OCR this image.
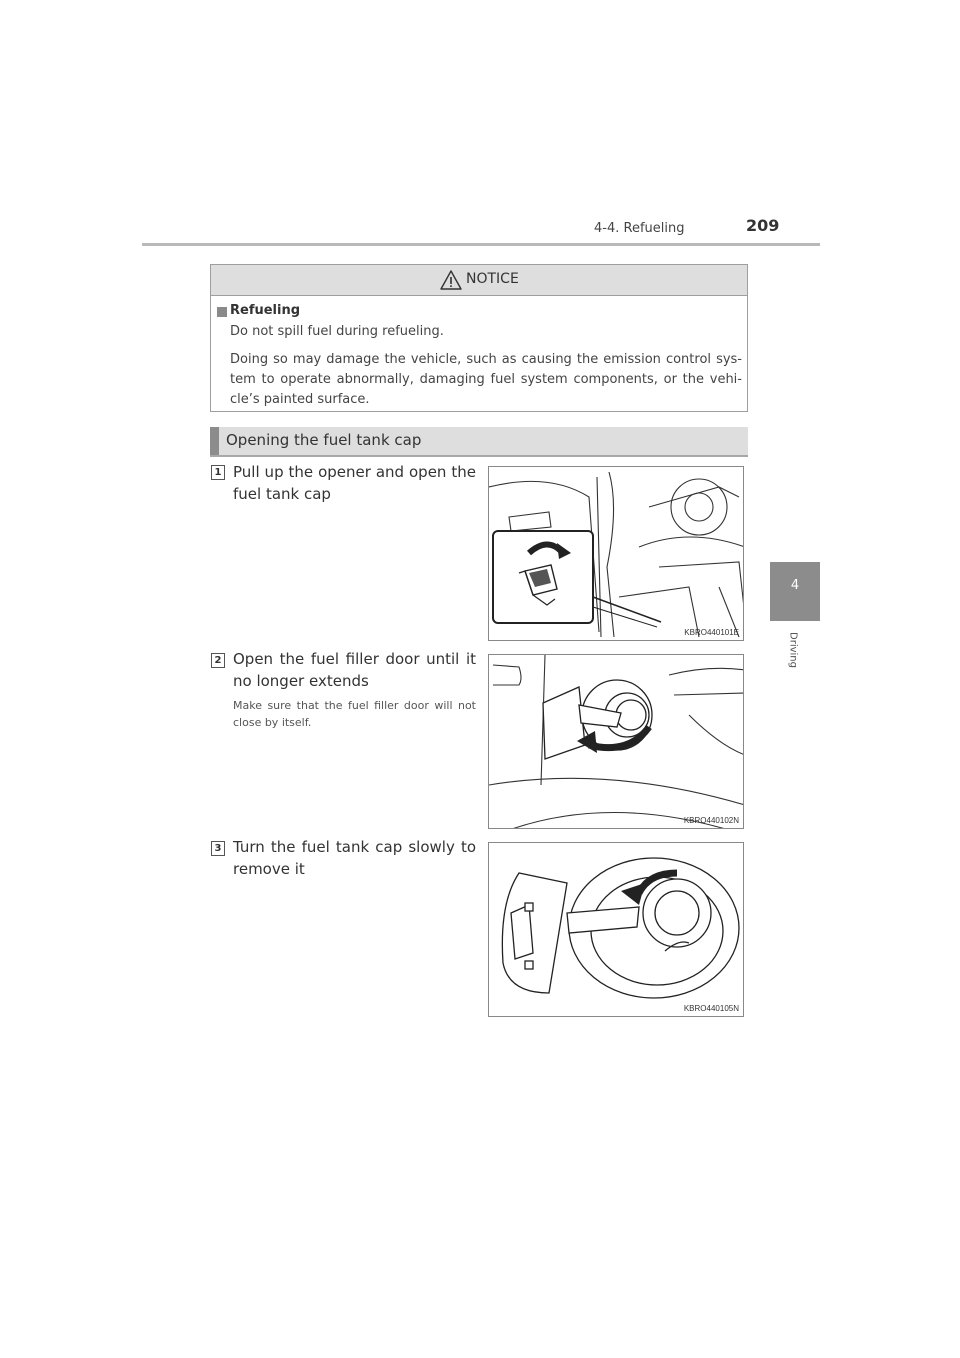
4-4. Refueling	209
4
Driving
NOTICE
Refueling
Do not spill fuel during refueling.
Doing so may damage the vehicle, such as causing the emission control sys-tem to operate abnormally, damaging fuel system components, or the vehi-cle’s painted surface.
Opening the fuel tank cap
1 Pull up the opener and open the fuel tank cap
KBRO440101E
2 Open the fuel filler door until it no longer extends
Make sure that the fuel filler door will not close by itself.
KBRO440102N
3 Turn the fuel tank cap slowly to remove it
KBRO440105N
